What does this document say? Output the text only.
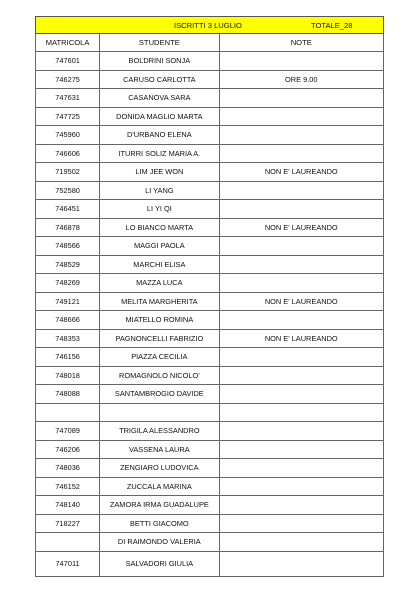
ISCRITTI 3 LUGLIO TOTALE_28		

MATRICOLA	STUDENTE	NOTE
747601	BOLDRINI SONJA	
746275	CARUSO CARLOTTA	ORE 9.00
747631	CASANOVA SARA	
747725	DONIDA MAGLIO MARTA	
745960	D'URBANO ELENA	
746606	ITURRI SOLIZ MARIA A.	
719502	LIM JEE WON	NON E' LAUREANDO
752580	LI YANG	
746451	LI YI QI	
746878	LO BIANCO MARTA	NON E' LAUREANDO
748566	MAGGI PAOLA	
748529	MARCHI ELISA	
748269	MAZZA LUCA	
749121	MELITA MARGHERITA	NON E' LAUREANDO
748666	MIATELLO ROMINA	
748353	PAGNONCELLI FABRIZIO	NON E' LAUREANDO
746156	PIAZZA CECILIA	
748018	ROMAGNOLO NICOLO'	
748088	SANTAMBROGIO DAVIDE	

747089	TRIGILA ALESSANDRO	
746206	VASSENA LAURA	
748036	ZENGIARO LUDOVICA	
746152	ZUCCALA MARINA	
748140	ZAMORA IRMA GUADALUPE	
718227	BETTI GIACOMO	
	DI RAIMONDO VALERIA	
747011	SALVADORI GIULIA	
